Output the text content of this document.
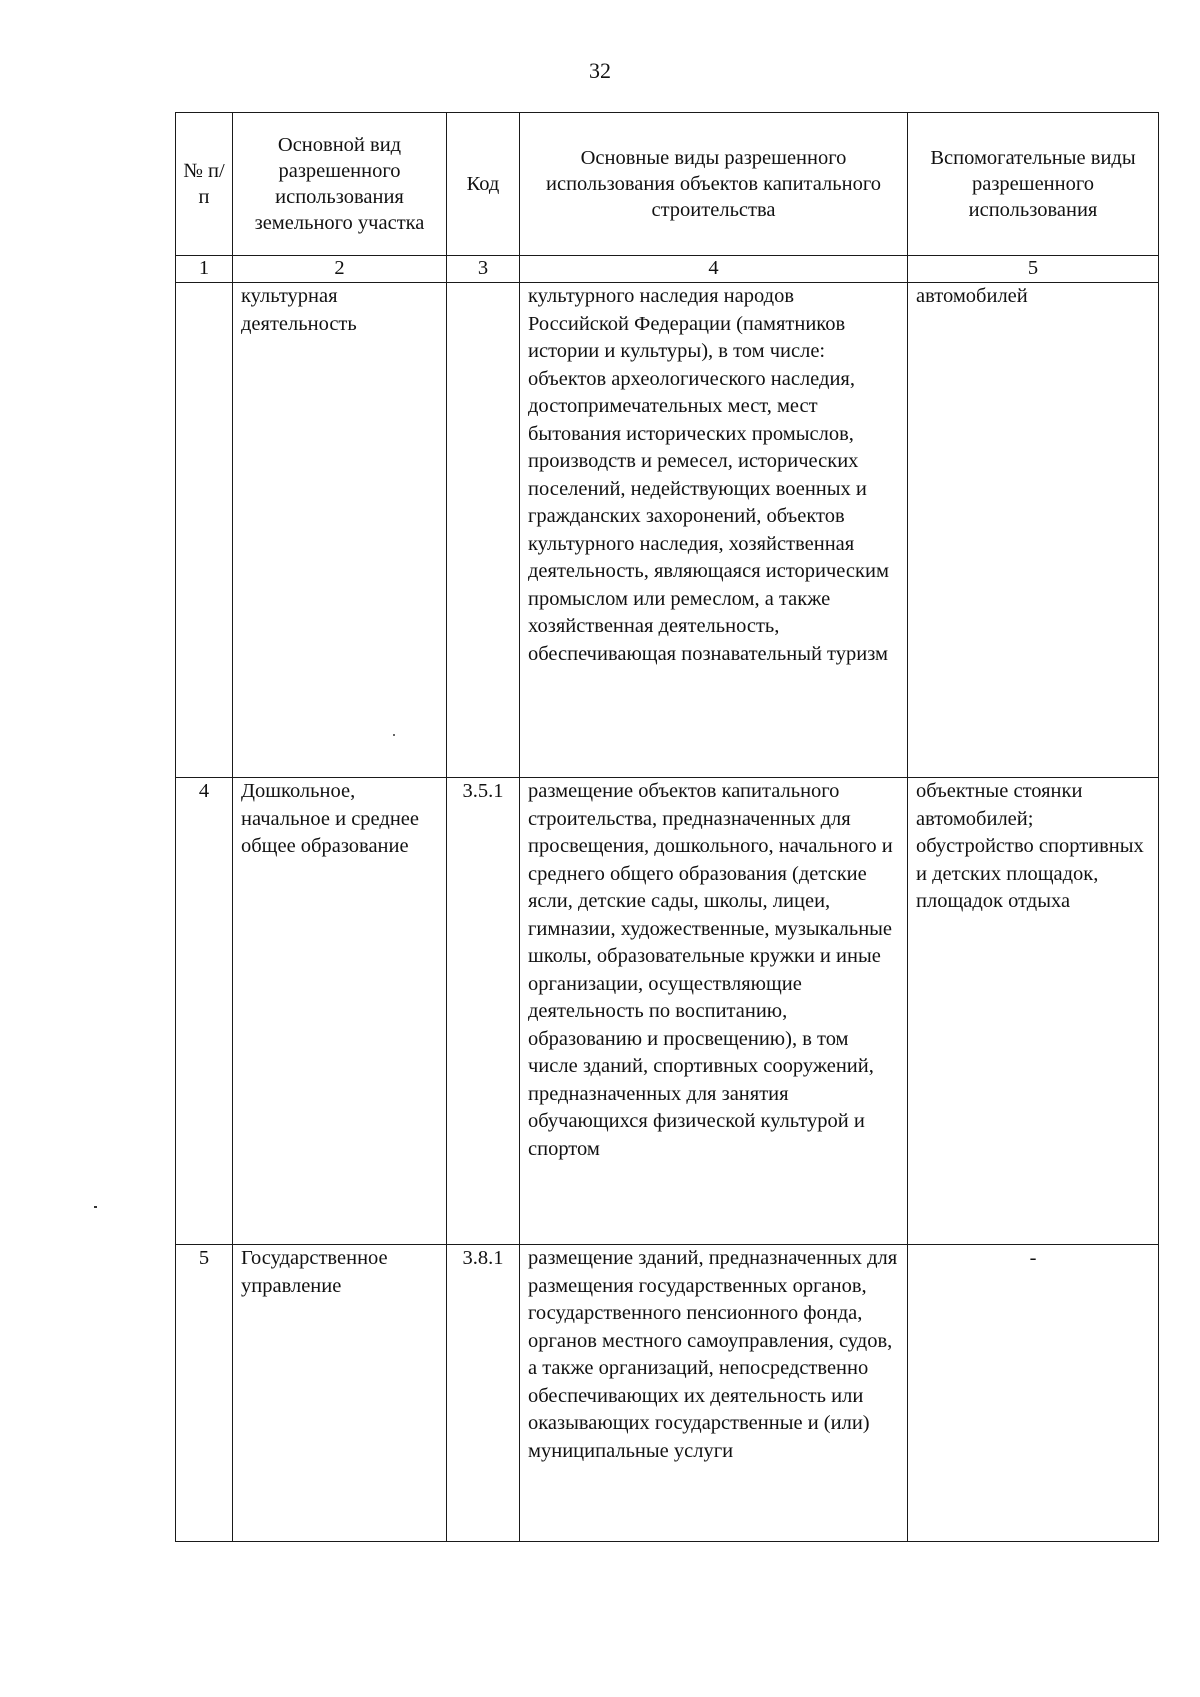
32
№ п/п	Основной вид разрешенного использования земельного участка	Код	Основные виды разрешенного использования объектов капитального строительства	Вспомогательные виды разрешенного использования
1	2	3	4	5
	культурная деятельность		культурного наследия народов Российской Федерации (памятников истории и культуры), в том числе: объектов археологического наследия, достопримечательных мест, мест бытования исторических промыслов, производств и ремесел, исторических поселений, недействующих военных и гражданских захоронений, объектов культурного наследия, хозяйственная деятельность, являющаяся историческим промыслом или ремеслом, а также хозяйственная деятельность, обеспечивающая познавательный туризм	автомобилей
4	Дошкольное, начальное и среднее общее образование	3.5.1	размещение объектов капитального строительства, предназначенных для просвещения, дошкольного, начального и среднего общего образования (детские ясли, детские сады, школы, лицеи, гимназии, художественные, музыкальные школы, образовательные кружки и иные организации, осуществляющие деятельность по воспитанию, образованию и просвещению), в том числе зданий, спортивных сооружений, предназначенных для занятия обучающихся физической культурой и спортом	объектные стоянки автомобилей; обустройство спортивных и детских площадок, площадок отдыха
5	Государственное управление	3.8.1	размещение зданий, предназначенных для размещения государственных органов, государственного пенсионного фонда, органов местного самоуправления, судов, а также организаций, непосредственно обеспечивающих их деятельность или оказывающих государственные и (или) муниципальные услуги	-
